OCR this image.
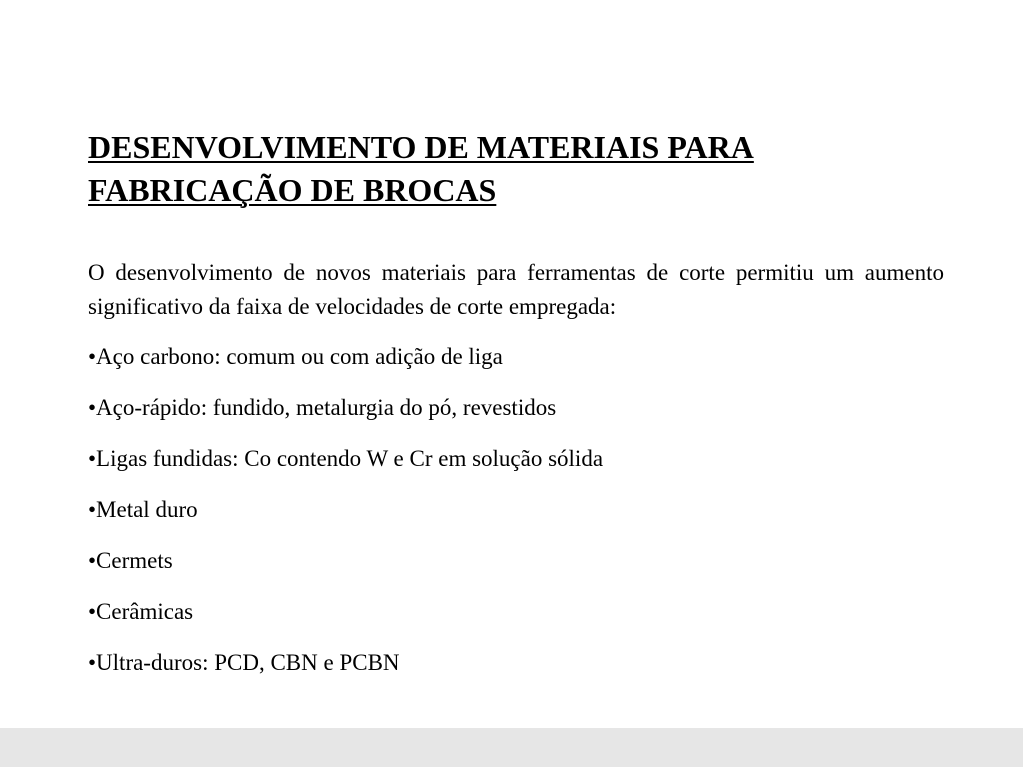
DESENVOLVIMENTO DE MATERIAIS PARA FABRICAÇÃO DE BROCAS

O desenvolvimento de novos materiais para ferramentas de corte permitiu um aumento significativo da faixa de velocidades de corte empregada:

•Aço carbono: comum ou com adição de liga
•Aço-rápido: fundido, metalurgia do pó, revestidos
•Ligas fundidas: Co contendo W e Cr em solução sólida
•Metal duro
•Cermets
•Cerâmicas
•Ultra-duros: PCD, CBN e PCBN
